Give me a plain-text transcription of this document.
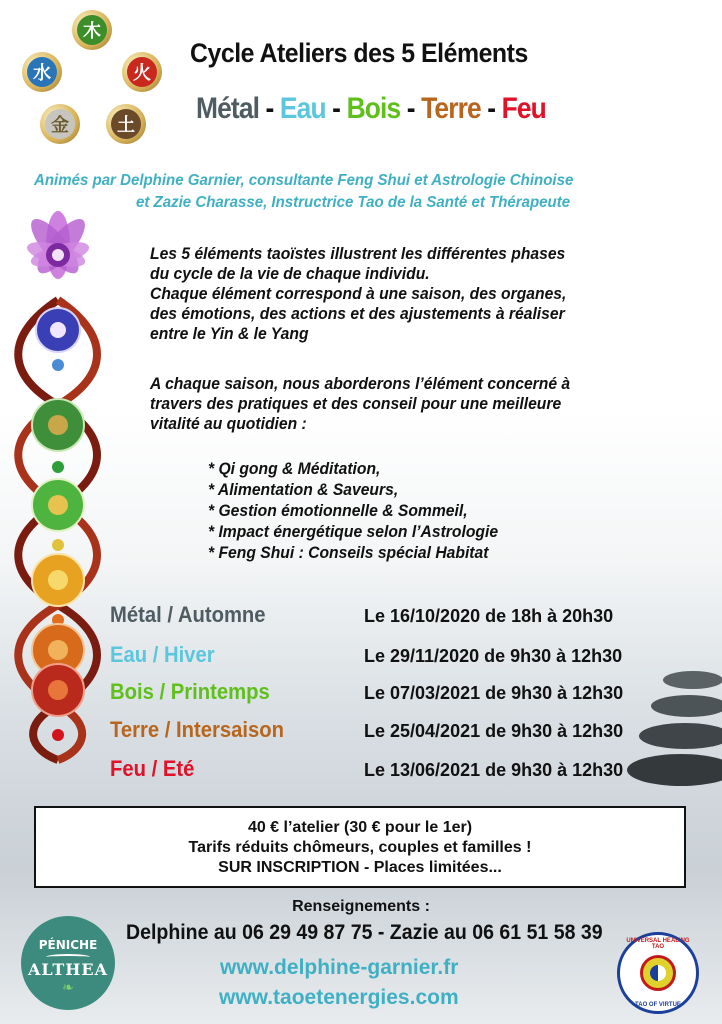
木
水	火
金	土
Cycle Ateliers des 5 Eléments
Métal - Eau - Bois - Terre - Feu
Animés par Delphine Garnier, consultante Feng Shui et Astrologie Chinoise
et Zazie Charasse, Instructrice Tao de la Santé et Thérapeute
Les 5 éléments taoïstes illustrent les différentes phases
du cycle de la vie de chaque individu.
Chaque élément correspond à une saison, des organes,
des émotions, des actions et des ajustements à réaliser
entre le Yin & le Yang
A chaque saison, nous aborderons l’élément concerné à
travers des pratiques et des conseil pour une meilleure
vitalité au quotidien :
* Qi gong & Méditation,
* Alimentation & Saveurs,
* Gestion émotionnelle & Sommeil,
* Impact énergétique selon l’Astrologie
* Feng Shui : Conseils spécial Habitat
Métal / Automne	Le 16/10/2020 de 18h à 20h30
Eau / Hiver	Le 29/11/2020 de 9h30 à 12h30
Bois / Printemps	Le 07/03/2021 de 9h30 à 12h30
Terre / Intersaison	Le 25/04/2021 de 9h30 à 12h30
Feu / Eté	Le 13/06/2021 de 9h30 à 12h30
40 € l’atelier (30 € pour le 1er)
Tarifs réduits chômeurs, couples et familles !
SUR INSCRIPTION - Places limitées...
Renseignements :
Delphine au 06 29 49 87 75 - Zazie au 06 61 51 58 39
www.delphine-garnier.fr
www.taoetenergies.com
PÉNICHE
ALTHEA
❧
UNIVERSAL HEALING TAO
TAO OF VIRTUE
